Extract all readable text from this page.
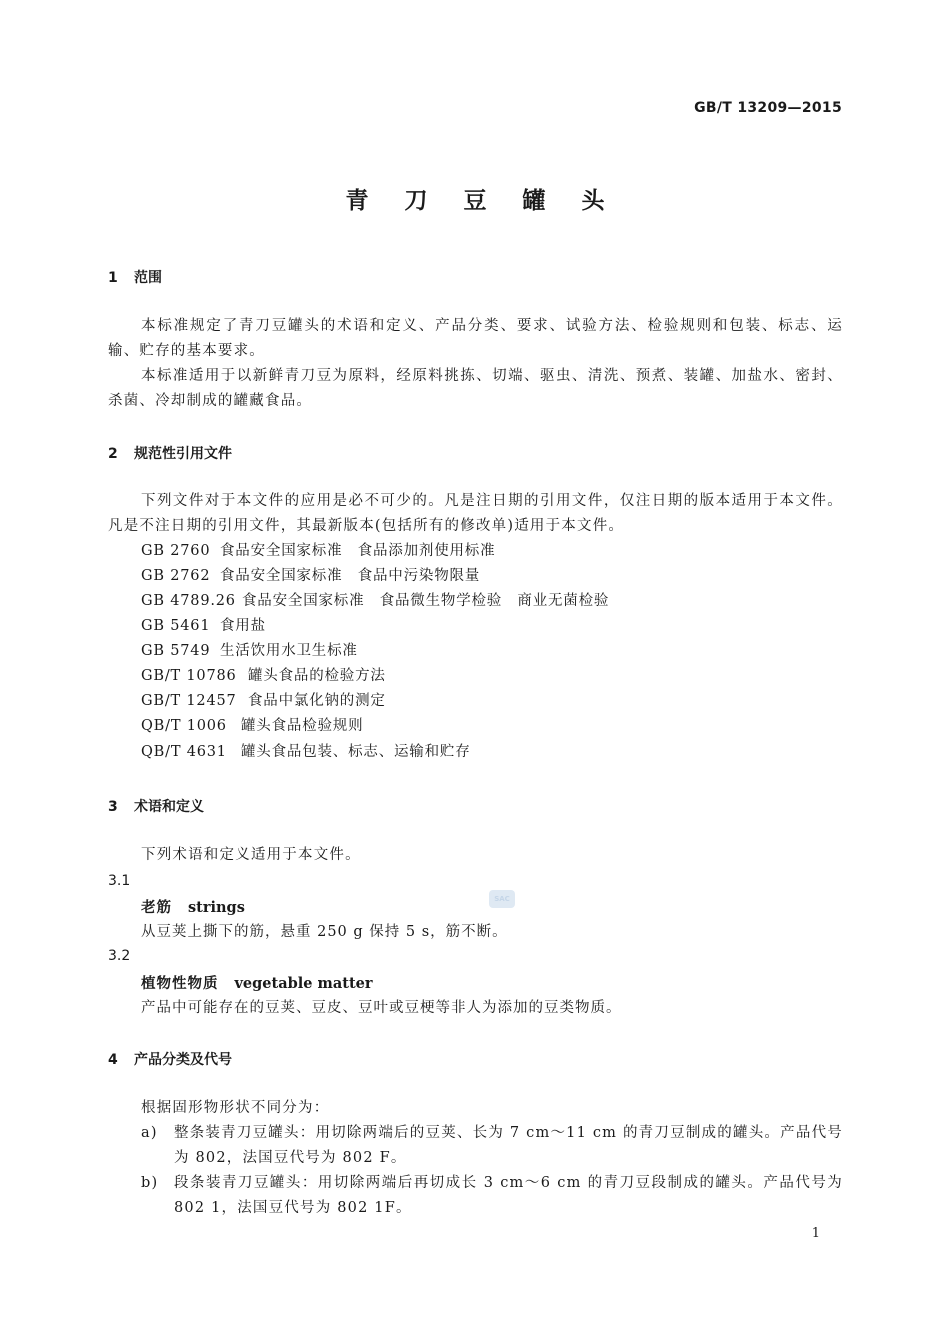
GB/T 13209—2015
青 刀 豆 罐 头
1 范围
本标准规定了青刀豆罐头的术语和定义、产品分类、要求、试验方法、检验规则和包装、标志、运输、贮存的基本要求。
本标准适用于以新鲜青刀豆为原料，经原料挑拣、切端、驱虫、清洗、预煮、装罐、加盐水、密封、杀菌、冷却制成的罐藏食品。
2 规范性引用文件
下列文件对于本文件的应用是必不可少的。凡是注日期的引用文件，仅注日期的版本适用于本文件。凡是不注日期的引用文件，其最新版本(包括所有的修改单)适用于本文件。
GB 2760 食品安全国家标准　食品添加剂使用标准
GB 2762 食品安全国家标准　食品中污染物限量
GB 4789.26 食品安全国家标准　食品微生物学检验　商业无菌检验
GB 5461 食用盐
GB 5749 生活饮用水卫生标准
GB/T 10786 罐头食品的检验方法
GB/T 12457 食品中氯化钠的测定
QB/T 1006 罐头食品检验规则
QB/T 4631 罐头食品包装、标志、运输和贮存
3 术语和定义
下列术语和定义适用于本文件。
3.1
老筋 strings
从豆荚上撕下的筋，悬重 250 g 保持 5 s，筋不断。
3.2
植物性物质 vegetable matter
产品中可能存在的豆荚、豆皮、豆叶或豆梗等非人为添加的豆类物质。
SAC
4 产品分类及代号
根据固形物形状不同分为：
a) 整条装青刀豆罐头：用切除两端后的豆荚、长为 7 cm～11 cm 的青刀豆制成的罐头。产品代号为 802，法国豆代号为 802 F。
b) 段条装青刀豆罐头：用切除两端后再切成长 3 cm～6 cm 的青刀豆段制成的罐头。产品代号为 802 1，法国豆代号为 802 1F。
1
